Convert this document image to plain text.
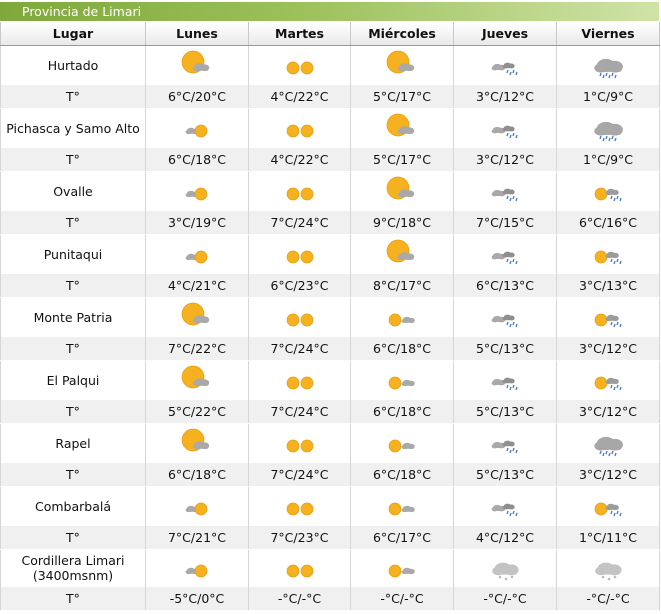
Provincia de Limari
Lugar	Lunes	Martes	Miércoles	Jueves	Viernes

Hurtado

T°	6°C/20°C	4°C/22°C	5°C/17°C	3°C/12°C	1°C/9°C

Pichasca y Samo Alto

T°	6°C/18°C	4°C/22°C	5°C/17°C	3°C/12°C	1°C/9°C

Ovalle

T°	3°C/19°C	7°C/24°C	9°C/18°C	7°C/15°C	6°C/16°C

Punitaqui

T°	4°C/21°C	6°C/23°C	8°C/17°C	6°C/13°C	3°C/13°C

Monte Patria

T°	7°C/22°C	7°C/24°C	6°C/18°C	5°C/13°C	3°C/12°C

El Palqui

T°	5°C/22°C	7°C/24°C	6°C/18°C	5°C/13°C	3°C/12°C

Rapel

T°	6°C/18°C	7°C/24°C	6°C/18°C	5°C/13°C	3°C/12°C

Combarbalá

T°	7°C/21°C	7°C/23°C	6°C/17°C	4°C/12°C	1°C/11°C

Cordillera Limari
(3400msnm)

T°	-5°C/0°C	-°C/-°C	-°C/-°C	-°C/-°C	-°C/-°C
